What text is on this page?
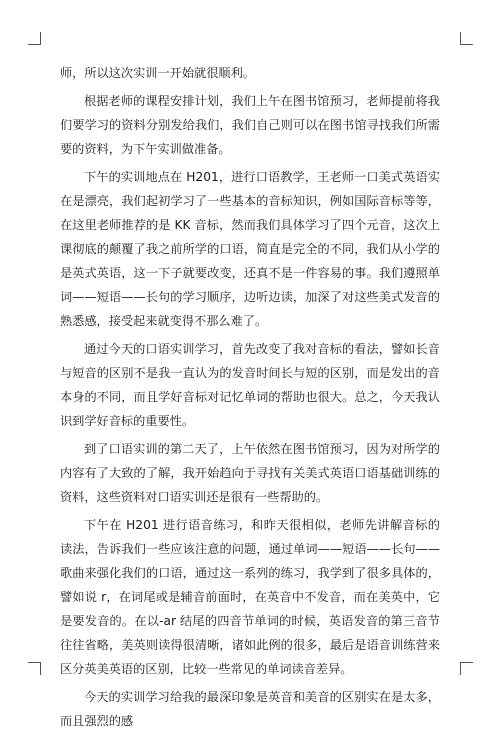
师，所以这次实训一开始就很顺利。

根据老师的课程安排计划，我们上午在图书馆预习，老师提前将我们要学习的资料分别发给我们，我们自己则可以在图书馆寻找我们所需要的资料，为下午实训做准备。

下午的实训地点在 H201，进行口语教学，王老师一口美式英语实在是漂亮，我们起初学习了一些基本的音标知识，例如国际音标等等，在这里老师推荐的是 KK 音标，然而我们具体学习了四个元音，这次上课彻底的颠覆了我之前所学的口语，简直是完全的不同，我们从小学的是英式英语，这一下子就要改变，还真不是一件容易的事。我们遵照单词——短语——长句的学习顺序，边听边读，加深了对这些美式发音的熟悉感，接受起来就变得不那么难了。

通过今天的口语实训学习，首先改变了我对音标的看法，譬如长音与短音的区别不是我一直认为的发音时间长与短的区别，而是发出的音本身的不同，而且学好音标对记忆单词的帮助也很大。总之，今天我认识到学好音标的重要性。

到了口语实训的第二天了，上午依然在图书馆预习，因为对所学的内容有了大致的了解，我开始趋向于寻找有关美式英语口语基础训练的资料，这些资料对口语实训还是很有一些帮助的。

下午在 H201 进行语音练习，和昨天很相似，老师先讲解音标的读法，告诉我们一些应该注意的问题，通过单词——短语——长句——歌曲来强化我们的口语，通过这一系列的练习，我学到了很多具体的，譬如说 r，在词尾或是辅音前面时，在英音中不发音，而在美英中，它是要发音的。在以-ar 结尾的四音节单词的时候，英语发音的第三音节往往省略，美英则读得很清晰，诸如此例的很多，最后是语音训练营来区分英美英语的区别，比较一些常见的单词读音差异。

今天的实训学习给我的最深印象是英音和美音的区别实在是太多，而且强烈的感
